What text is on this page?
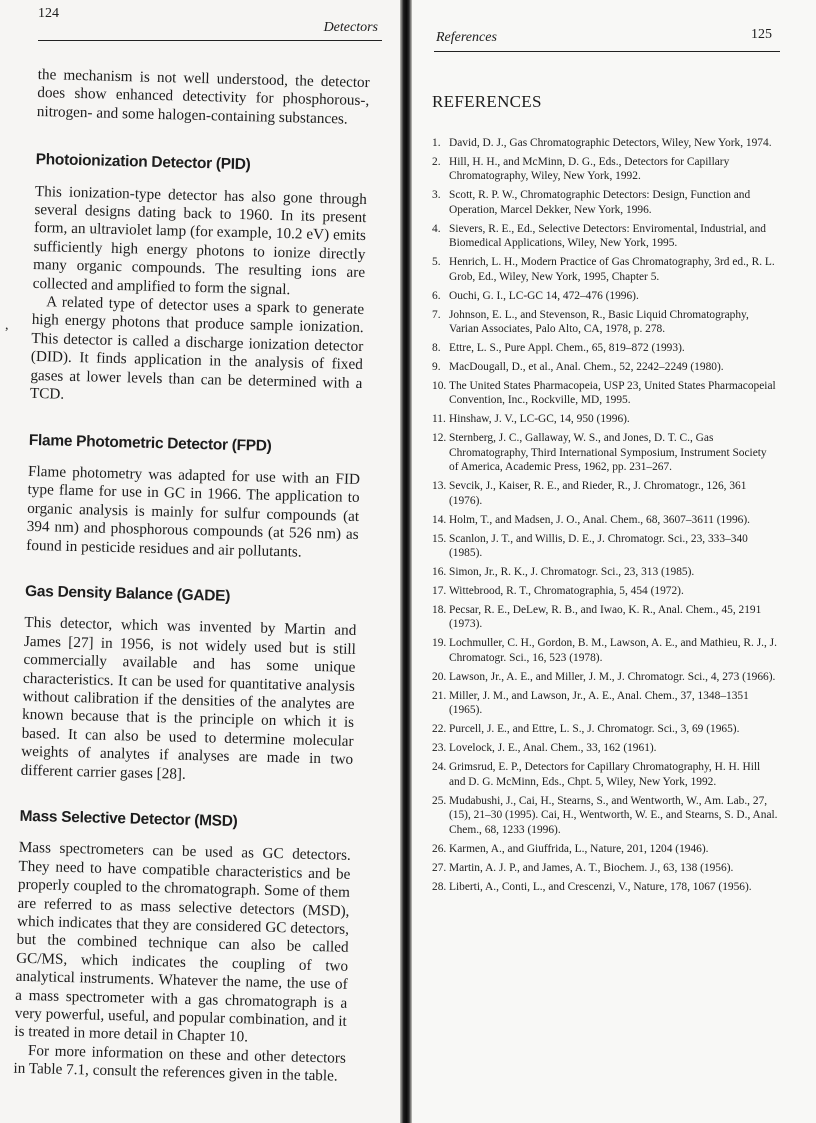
124
Detectors
,
References	125

the mechanism is not well understood, the detector does show enhanced detectivity for phosphorous-, nitrogen- and some halogen-containing substances.

Photoionization Detector (PID)

This ionization-type detector has also gone through several designs dating back to 1960. In its present form, an ultraviolet lamp (for example, 10.2 eV) emits sufficiently high energy photons to ionize directly many organic compounds. The resulting ions are collected and amplified to form the signal.

A related type of detector uses a spark to generate high energy photons that produce sample ionization. This detector is called a discharge ionization detector (DID). It finds application in the analysis of fixed gases at lower levels than can be determined with a TCD.

Flame Photometric Detector (FPD)

Flame photometry was adapted for use with an FID type flame for use in GC in 1966. The application to organic analysis is mainly for sulfur compounds (at 394 nm) and phosphorous compounds (at 526 nm) as found in pesticide residues and air pollutants.

Gas Density Balance (GADE)

This detector, which was invented by Martin and James [27] in 1956, is not widely used but is still commercially available and has some unique characteristics. It can be used for quantitative analysis without calibration if the densities of the analytes are known because that is the principle on which it is based. It can also be used to determine molecular weights of analytes if analyses are made in two different carrier gases [28].

Mass Selective Detector (MSD)

Mass spectrometers can be used as GC detectors. They need to have compatible characteristics and be properly coupled to the chromatograph. Some of them are referred to as mass selective detectors (MSD), which indicates that they are considered GC detectors, but the combined technique can also be called GC/MS, which indicates the coupling of two analytical instruments. Whatever the name, the use of a mass spectrometer with a gas chromatograph is a very powerful, useful, and popular combination, and it is treated in more detail in Chapter 10.

For more information on these and other detectors in Table 7.1, consult the references given in the table.

REFERENCES
1. David, D. J., Gas Chromatographic Detectors, Wiley, New York, 1974.
2. Hill, H. H., and McMinn, D. G., Eds., Detectors for Capillary Chromatography, Wiley, New York, 1992.
3. Scott, R. P. W., Chromatographic Detectors: Design, Function and Operation, Marcel Dekker, New York, 1996.
4. Sievers, R. E., Ed., Selective Detectors: Enviromental, Industrial, and Biomedical Applications, Wiley, New York, 1995.
5. Henrich, L. H., Modern Practice of Gas Chromatography, 3rd ed., R. L. Grob, Ed., Wiley, New York, 1995, Chapter 5.
6. Ouchi, G. I., LC-GC 14, 472–476 (1996).
7. Johnson, E. L., and Stevenson, R., Basic Liquid Chromatography, Varian Associates, Palo Alto, CA, 1978, p. 278.
8. Ettre, L. S., Pure Appl. Chem., 65, 819–872 (1993).
9. MacDougall, D., et al., Anal. Chem., 52, 2242–2249 (1980).
10. The United States Pharmacopeia, USP 23, United States Pharmacopeial Convention, Inc., Rockville, MD, 1995.
11. Hinshaw, J. V., LC-GC, 14, 950 (1996).
12. Sternberg, J. C., Gallaway, W. S., and Jones, D. T. C., Gas Chromatography, Third International Symposium, Instrument Society of America, Academic Press, 1962, pp. 231–267.
13. Sevcik, J., Kaiser, R. E., and Rieder, R., J. Chromatogr., 126, 361 (1976).
14. Holm, T., and Madsen, J. O., Anal. Chem., 68, 3607–3611 (1996).
15. Scanlon, J. T., and Willis, D. E., J. Chromatogr. Sci., 23, 333–340 (1985).
16. Simon, Jr., R. K., J. Chromatogr. Sci., 23, 313 (1985).
17. Wittebrood, R. T., Chromatographia, 5, 454 (1972).
18. Pecsar, R. E., DeLew, R. B., and Iwao, K. R., Anal. Chem., 45, 2191 (1973).
19. Lochmuller, C. H., Gordon, B. M., Lawson, A. E., and Mathieu, R. J., J. Chromatogr. Sci., 16, 523 (1978).
20. Lawson, Jr., A. E., and Miller, J. M., J. Chromatogr. Sci., 4, 273 (1966).
21. Miller, J. M., and Lawson, Jr., A. E., Anal. Chem., 37, 1348–1351 (1965).
22. Purcell, J. E., and Ettre, L. S., J. Chromatogr. Sci., 3, 69 (1965).
23. Lovelock, J. E., Anal. Chem., 33, 162 (1961).
24. Grimsrud, E. P., Detectors for Capillary Chromatography, H. H. Hill and D. G. McMinn, Eds., Chpt. 5, Wiley, New York, 1992.
25. Mudabushi, J., Cai, H., Stearns, S., and Wentworth, W., Am. Lab., 27, (15), 21–30 (1995). Cai, H., Wentworth, W. E., and Stearns, S. D., Anal. Chem., 68, 1233 (1996).
26. Karmen, A., and Giuffrida, L., Nature, 201, 1204 (1946).
27. Martin, A. J. P., and James, A. T., Biochem. J., 63, 138 (1956).
28. Liberti, A., Conti, L., and Crescenzi, V., Nature, 178, 1067 (1956).
